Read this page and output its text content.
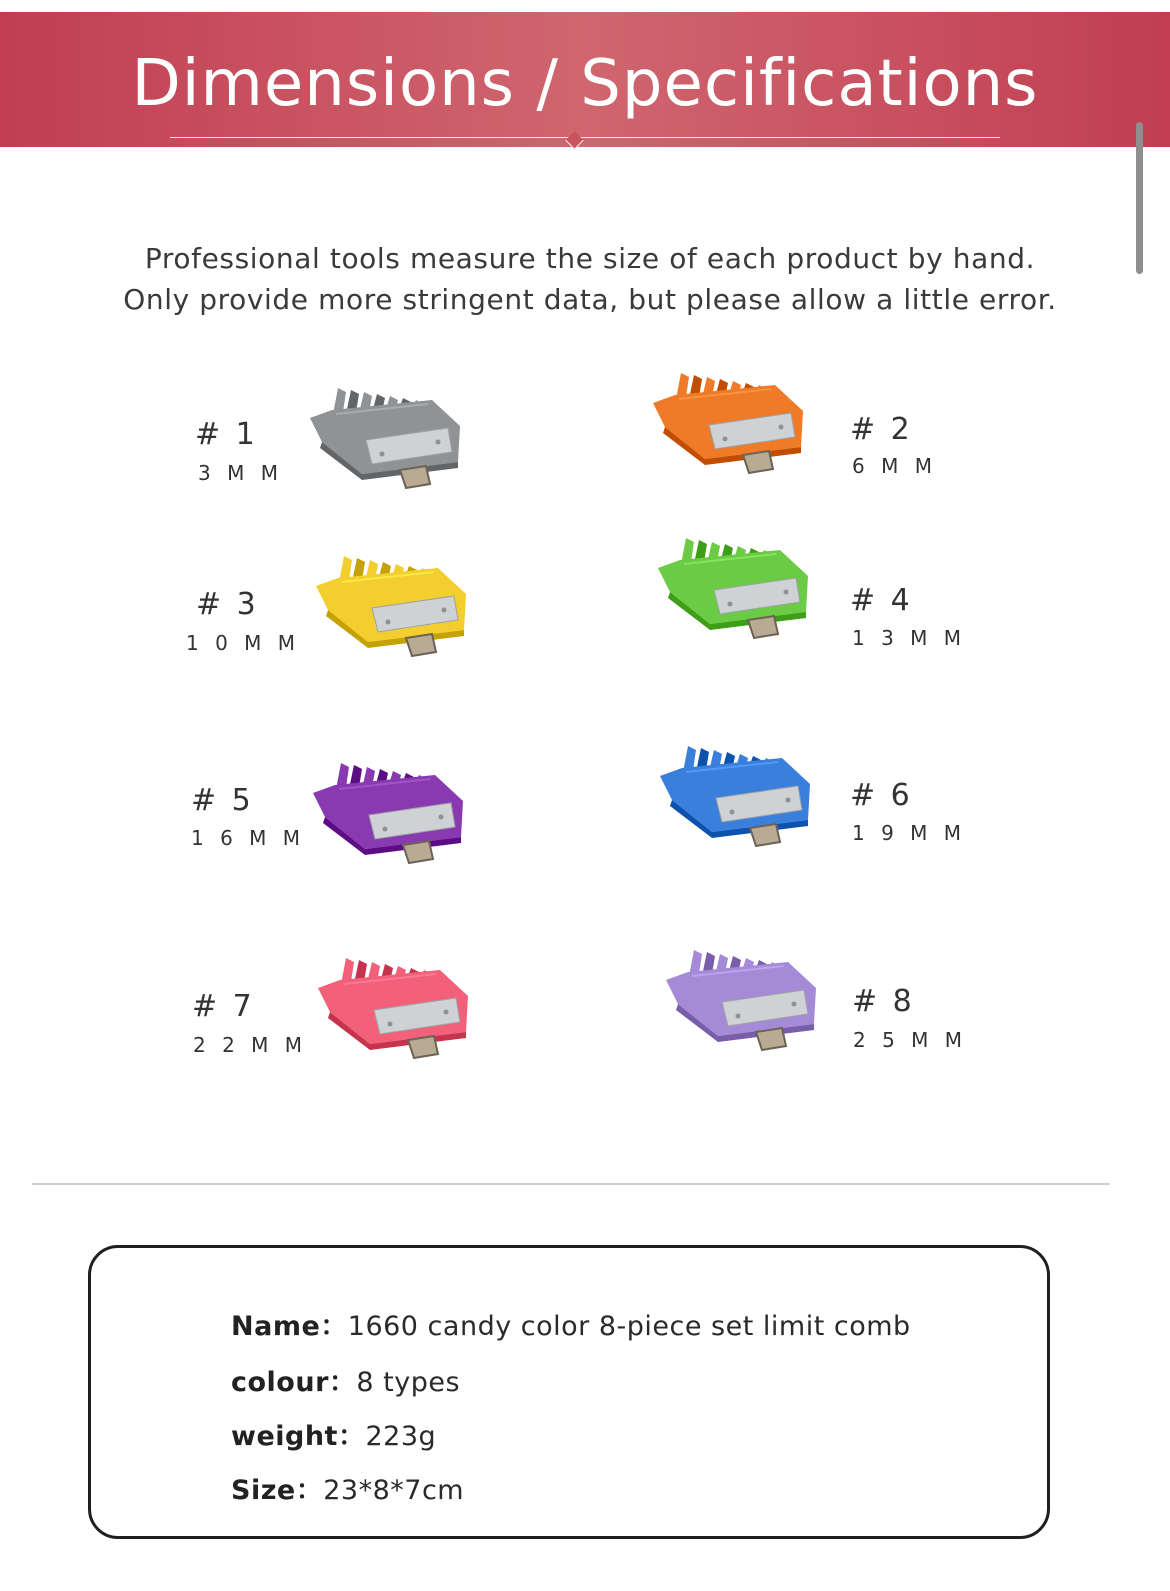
Dimensions / Specifications

Professional tools measure the size of each product by hand.

Only provide more stringent data, but please allow a little error.

# 1
3 M M
# 2
6 M M
# 3
1 0 M M
# 4
1 3 M M
# 5
1 6 M M
# 6
1 9 M M
# 7
2 2 M M
# 8
2 5 M M
Name：1660 candy color 8-piece set limit comb
colour：8 types
weight：223g
Size：23*8*7cm
